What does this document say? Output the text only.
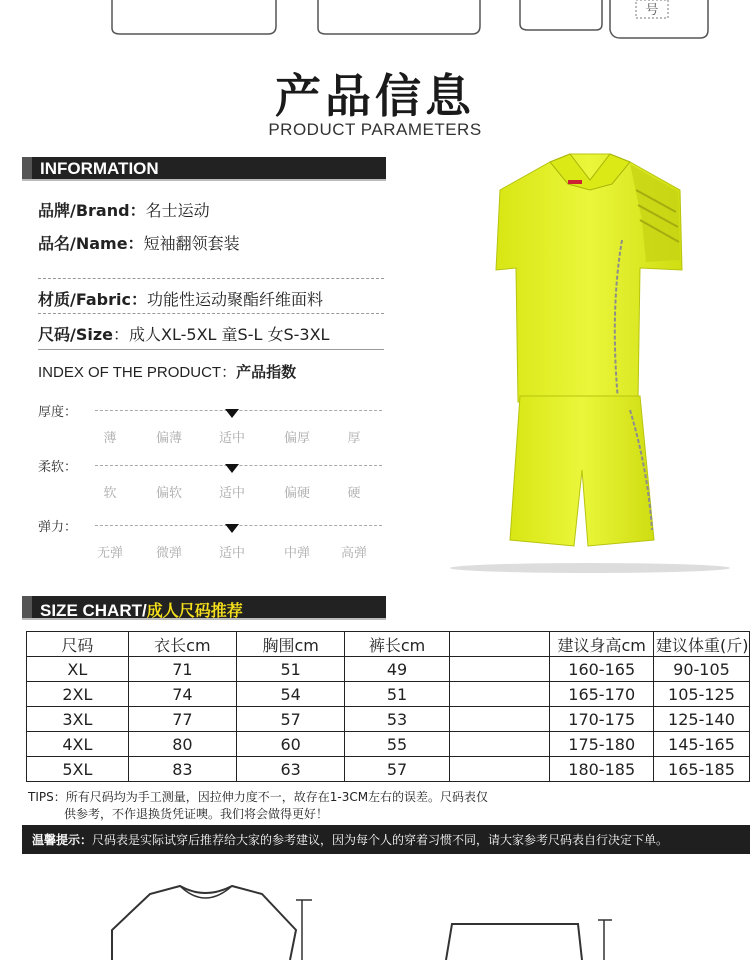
号
产品信息
PRODUCT PARAMETERS
INFORMATION
品牌/Brand：名士运动
品名/Name：短袖翻领套装
材质/Fabric：功能性运动聚酯纤维面料
尺码/Size：成人XL-5XL 童S-L 女S-3XL
INDEX OF THE PRODUCT：产品指数
厚度：
薄	偏薄	适中	偏厚	厚
柔软：
软	偏软	适中	偏硬	硬
弹力：
无弹	微弹	适中	中弹	高弹
SIZE CHART/成人尺码推荐
尺码	衣长cm	胸围cm	裤长cm		建议身高cm	建议体重(斤)
XL	71	51	49		160-165	90-105
2XL	74	54	51		165-170	105-125
3XL	77	57	53		170-175	125-140
4XL	80	60	55		175-180	145-165
5XL	83	63	57		180-185	165-185
TIPS：所有尺码均为手工测量，因拉伸力度不一，故存在1-3CM左右的误差。尺码表仅
供参考，不作退换货凭证噢。我们将会做得更好！
温馨提示：尺码表是实际试穿后推荐给大家的参考建议，因为每个人的穿着习惯不同，请大家参考尺码表自行决定下单。
